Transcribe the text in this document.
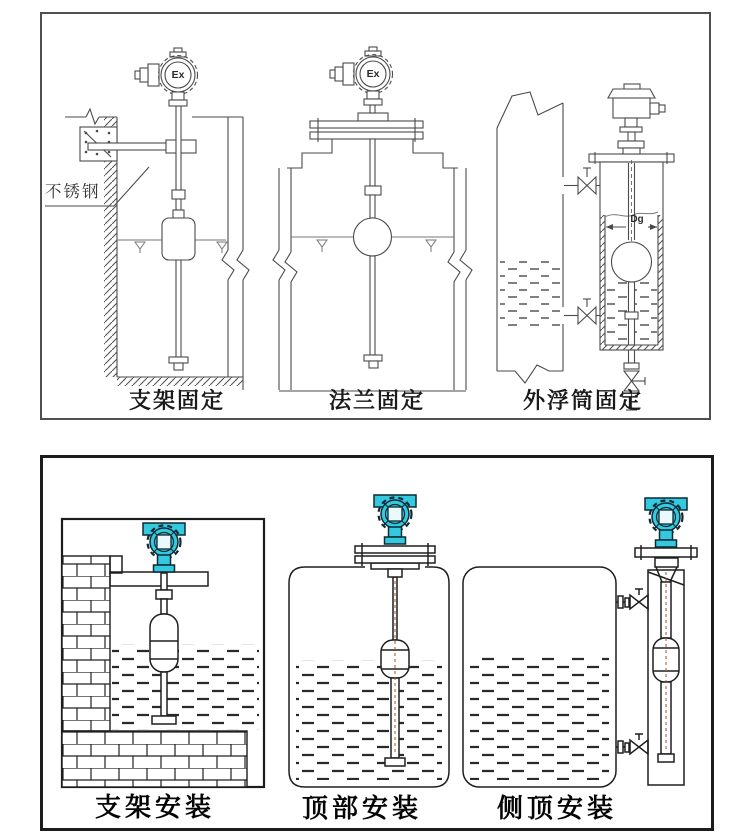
Ex	Ex
不锈钢
Dg
支架固定	法兰固定	外浮筒固定
支架安装	顶部安装	侧顶安装
